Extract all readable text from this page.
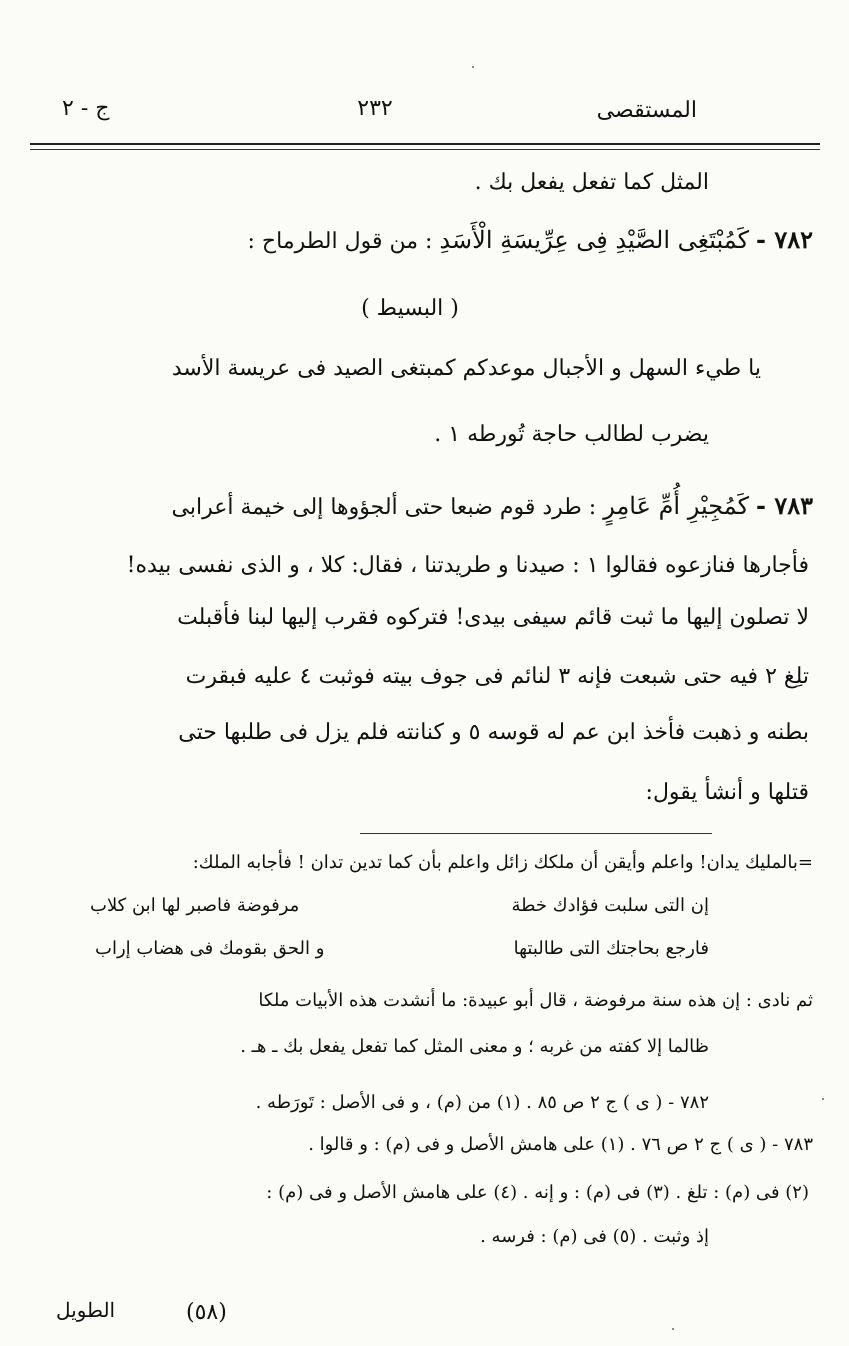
المستقصى
٢٣٢
ج - ٢
المثل كما تفعل يفعل بك .
٧٨٢ - كَمُبْتَغِى الصَّيْدِ فِى عِرِّيسَةِ الْأَسَدِ : من قول الطرماح :
( البسيط )
يا طيء السهل و الأجبال موعدكم كمبتغى الصيد فى عريسة الأسد
يضرب لطالب حاجة تُورطه ١ .
٧٨٣ - كَمُجِيْرِ أُمِّ عَامِرٍ : طرد قوم ضبعا حتى ألجؤوها إلى خيمة أعرابى
فأجارها فنازعوه فقالوا ١ : صيدنا و طريدتنا ، فقال: كلا ، و الذى نفسى بيده!
لا تصلون إليها ما ثبت قائم سيفى بيدى! فتركوه فقرب إليها لبنا فأقبلت
تلِغ ٢ فيه حتى شبعت فإنه ٣ لنائم فى جوف بيته فوثبت ٤ عليه فبقرت
بطنه و ذهبت فأخذ ابن عم له قوسه ٥ و كنانته فلم يزل فى طلبها حتى
قتلها و أنشأ يقول:
=بالمليك يدان! واعلم وأيقن أن ملكك زائل واعلم بأن كما تدين تدان ! فأجابه الملك:
إن التى سلبت فؤادك خطة
مرفوضة فاصبر لها ابن كلاب
فارجع بحاجتك التى طالبتها
و الحق بقومك فى هضاب إراب
ثم نادى : إن هذه سنة مرفوضة ، قال أبو عبيدة: ما أنشدت هذه الأبيات ملكا
ظالما إلا كفته من غربه ؛ و معنى المثل كما تفعل يفعل بك ـ هـ .
٧٨٢ - ( ى ) ج ٢ ص ٨٥ . (١) من (م) ، و فى الأصل : تَورَطه .
٧٨٣ - ( ى ) ج ٢ ص ٧٦ . (١) على هامش الأصل و فى (م) : و قالوا .
(٢) فى (م) : تلغ . (٣) فى (م) : و إنه . (٤) على هامش الأصل و فى (م) :
إذ وثبت . (٥) فى (م) : فرسه .
(٥٨)
الطويل
